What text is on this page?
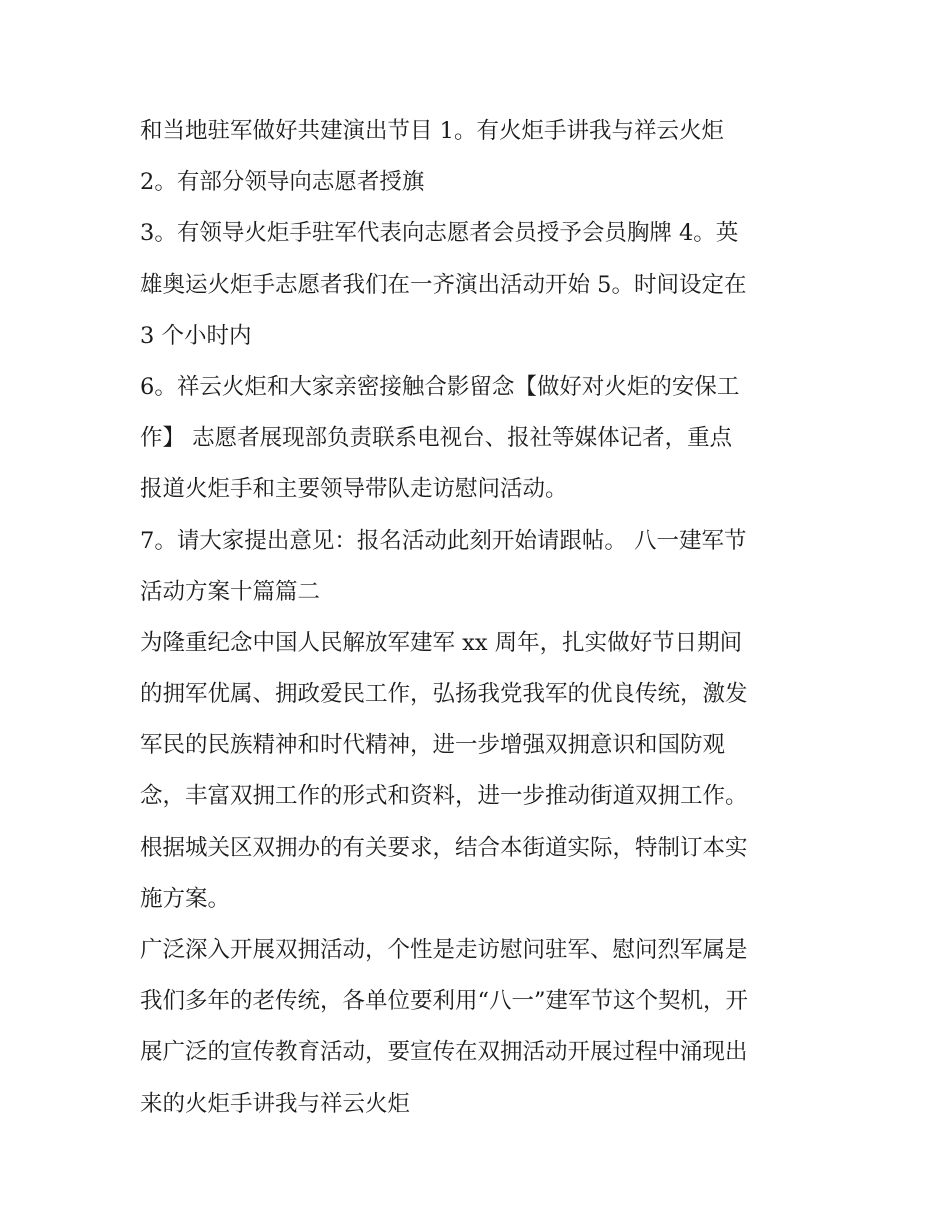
和当地驻军做好共建演出节目 1。有火炬手讲我与祥云火炬
2。有部分领导向志愿者授旗
3。有领导火炬手驻军代表向志愿者会员授予会员胸牌 4。英
雄奥运火炬手志愿者我们在一齐演出活动开始 5。时间设定在
3 个小时内
6。祥云火炬和大家亲密接触合影留念【做好对火炬的安保工
作】 志愿者展现部负责联系电视台、报社等媒体记者，重点
报道火炬手和主要领导带队走访慰问活动。
7。请大家提出意见：报名活动此刻开始请跟帖。 八一建军节
活动方案十篇篇二
为隆重纪念中国人民解放军建军 xx 周年，扎实做好节日期间
的拥军优属、拥政爱民工作，弘扬我党我军的优良传统，激发
军民的民族精神和时代精神，进一步增强双拥意识和国防观
念，丰富双拥工作的形式和资料，进一步推动街道双拥工作。
根据城关区双拥办的有关要求，结合本街道实际，特制订本实
施方案。
广泛深入开展双拥活动，个性是走访慰问驻军、慰问烈军属是
我们多年的老传统，各单位要利用“八一”建军节这个契机，开
展广泛的宣传教育活动，要宣传在双拥活动开展过程中涌现出
来的火炬手讲我与祥云火炬
